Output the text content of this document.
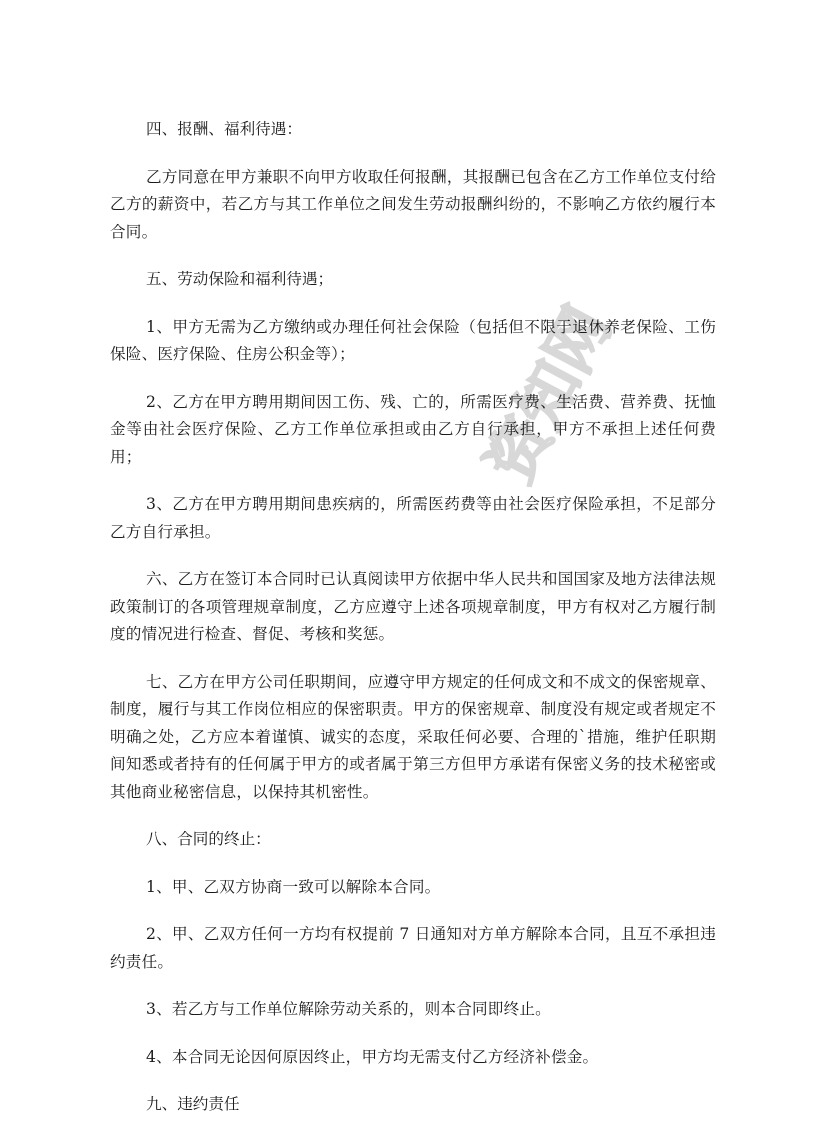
资知网

四、报酬、福利待遇：

乙方同意在甲方兼职不向甲方收取任何报酬，其报酬已包含在乙方工作单位支付给乙方的薪资中，若乙方与其工作单位之间发生劳动报酬纠纷的，不影响乙方依约履行本合同。

五、劳动保险和福利待遇；

1、甲方无需为乙方缴纳或办理任何社会保险（包括但不限于退休养老保险、工伤保险、医疗保险、住房公积金等）；

2、乙方在甲方聘用期间因工伤、残、亡的，所需医疗费、生活费、营养费、抚恤金等由社会医疗保险、乙方工作单位承担或由乙方自行承担，甲方不承担上述任何费用；

3、乙方在甲方聘用期间患疾病的，所需医药费等由社会医疗保险承担，不足部分乙方自行承担。

六、乙方在签订本合同时已认真阅读甲方依据中华人民共和国国家及地方法律法规政策制订的各项管理规章制度，乙方应遵守上述各项规章制度，甲方有权对乙方履行制度的情况进行检查、督促、考核和奖惩。

七、乙方在甲方公司任职期间，应遵守甲方规定的任何成文和不成文的保密规章、制度，履行与其工作岗位相应的保密职责。甲方的保密规章、制度没有规定或者规定不明确之处，乙方应本着谨慎、诚实的态度，采取任何必要、合理的`措施，维护任职期间知悉或者持有的任何属于甲方的或者属于第三方但甲方承诺有保密义务的技术秘密或其他商业秘密信息，以保持其机密性。

八、合同的终止：

1、甲、乙双方协商一致可以解除本合同。

2、甲、乙双方任何一方均有权提前 7 日通知对方单方解除本合同，且互不承担违约责任。

3、若乙方与工作单位解除劳动关系的，则本合同即终止。

4、本合同无论因何原因终止，甲方均无需支付乙方经济补偿金。

九、违约责任
